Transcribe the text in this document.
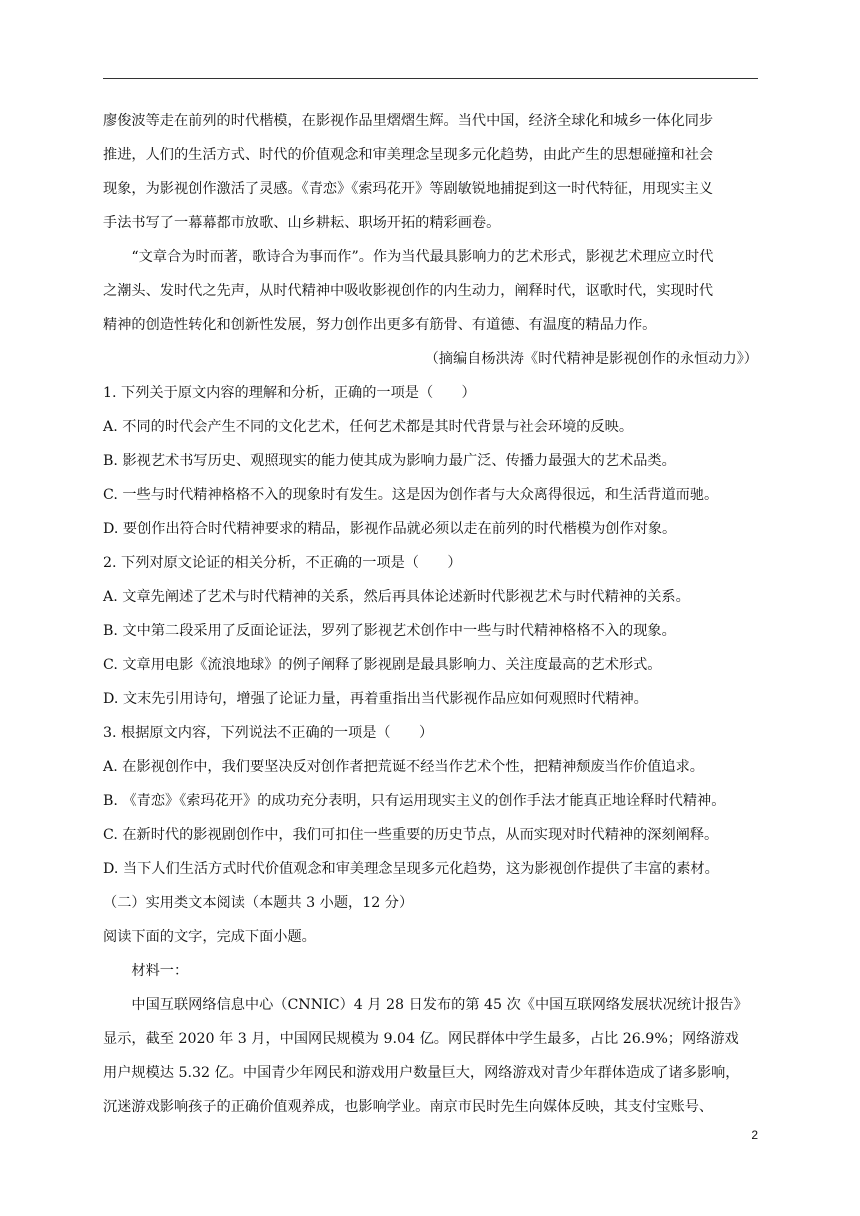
廖俊波等走在前列的时代楷模，在影视作品里熠熠生辉。当代中国，经济全球化和城乡一体化同步

推进，人们的生活方式、时代的价值观念和审美理念呈现多元化趋势，由此产生的思想碰撞和社会

现象，为影视创作激活了灵感。《青恋》《索玛花开》等剧敏锐地捕捉到这一时代特征，用现实主义

手法书写了一幕幕都市放歌、山乡耕耘、职场开拓的精彩画卷。

“文章合为时而著，歌诗合为事而作”。作为当代最具影响力的艺术形式，影视艺术理应立时代

之潮头、发时代之先声，从时代精神中吸收影视创作的内生动力，阐释时代，讴歌时代，实现时代

精神的创造性转化和创新性发展，努力创作出更多有筋骨、有道德、有温度的精品力作。

（摘编自杨洪涛《时代精神是影视创作的永恒动力》）

1. 下列关于原文内容的理解和分析，正确的一项是（　　）

A. 不同的时代会产生不同的文化艺术，任何艺术都是其时代背景与社会环境的反映。

B. 影视艺术书写历史、观照现实的能力使其成为影响力最广泛、传播力最强大的艺术品类。

C. 一些与时代精神格格不入的现象时有发生。这是因为创作者与大众离得很远，和生活背道而驰。

D. 要创作出符合时代精神要求的精品，影视作品就必须以走在前列的时代楷模为创作对象。

2. 下列对原文论证的相关分析，不正确的一项是（　　）

A. 文章先阐述了艺术与时代精神的关系，然后再具体论述新时代影视艺术与时代精神的关系。

B. 文中第二段采用了反面论证法，罗列了影视艺术创作中一些与时代精神格格不入的现象。

C. 文章用电影《流浪地球》的例子阐释了影视剧是最具影响力、关注度最高的艺术形式。

D. 文末先引用诗句，增强了论证力量，再着重指出当代影视作品应如何观照时代精神。

3. 根据原文内容，下列说法不正确的一项是（　　）

A. 在影视创作中，我们要坚决反对创作者把荒诞不经当作艺术个性，把精神颓废当作价值追求。

B. 《青恋》《索玛花开》的成功充分表明，只有运用现实主义的创作手法才能真正地诠释时代精神。

C. 在新时代的影视剧创作中，我们可扣住一些重要的历史节点，从而实现对时代精神的深刻阐释。

D. 当下人们生活方式时代价值观念和审美理念呈现多元化趋势，这为影视创作提供了丰富的素材。

（二）实用类文本阅读（本题共 3 小题，12 分）

阅读下面的文字，完成下面小题。

材料一：

中国互联网络信息中心（CNNIC）4 月 28 日发布的第 45 次《中国互联网络发展状况统计报告》

显示，截至 2020 年 3 月，中国网民规模为 9.04 亿。网民群体中学生最多，占比 26.9%；网络游戏

用户规模达 5.32 亿。中国青少年网民和游戏用户数量巨大，网络游戏对青少年群体造成了诸多影响，

沉迷游戏影响孩子的正确价值观养成，也影响学业。南京市民时先生向媒体反映，其支付宝账号、

2
